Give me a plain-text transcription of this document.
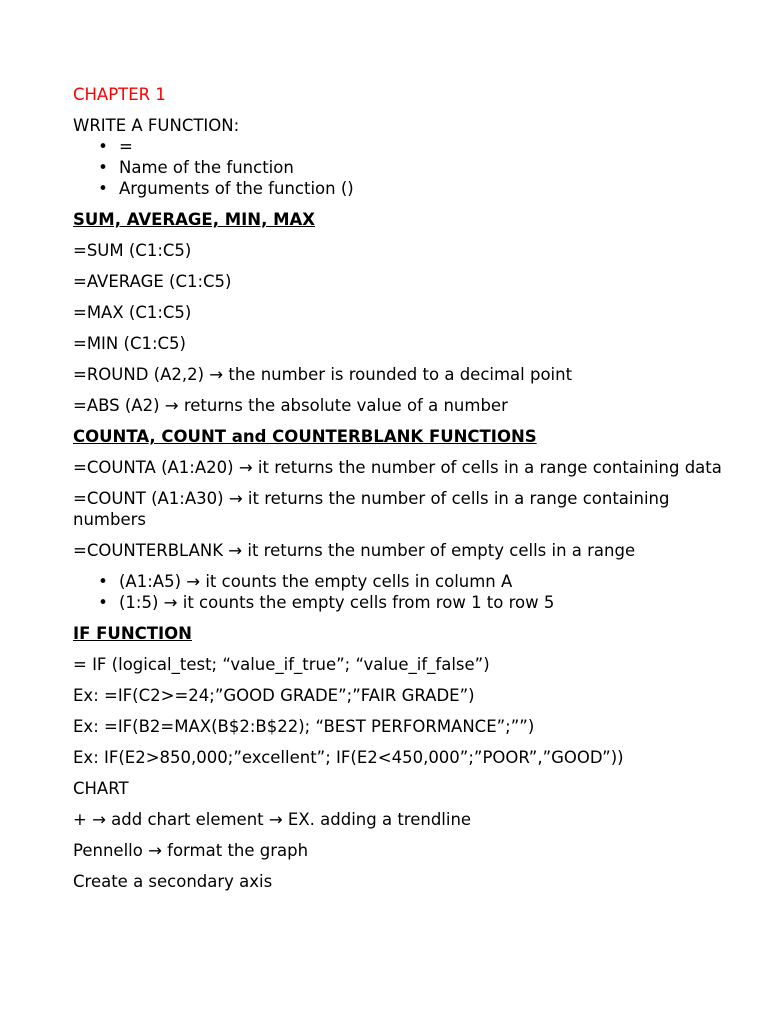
CHAPTER 1

WRITE A FUNCTION:

• =
• Name of the function
• Arguments of the function ()

SUM, AVERAGE, MIN, MAX

=SUM (C1:C5)

=AVERAGE (C1:C5)

=MAX (C1:C5)

=MIN (C1:C5)

=ROUND (A2,2) → the number is rounded to a decimal point

=ABS (A2) → returns the absolute value of a number

COUNTA, COUNT and COUNTERBLANK FUNCTIONS

=COUNTA (A1:A20) → it returns the number of cells in a range containing data

=COUNT (A1:A30) → it returns the number of cells in a range containing numbers

=COUNTERBLANK → it returns the number of empty cells in a range

• (A1:A5) → it counts the empty cells in column A
• (1:5) → it counts the empty cells from row 1 to row 5

IF FUNCTION

= IF (logical_test; “value_if_true”; “value_if_false”)

Ex: =IF(C2>=24;”GOOD GRADE”;”FAIR GRADE”)

Ex: =IF(B2=MAX(B$2:B$22); “BEST PERFORMANCE”;””)

Ex: IF(E2>850,000;”excellent”; IF(E2<450,000”;”POOR”,”GOOD”))

CHART

+ → add chart element → EX. adding a trendline

Pennello → format the graph

Create a secondary axis
